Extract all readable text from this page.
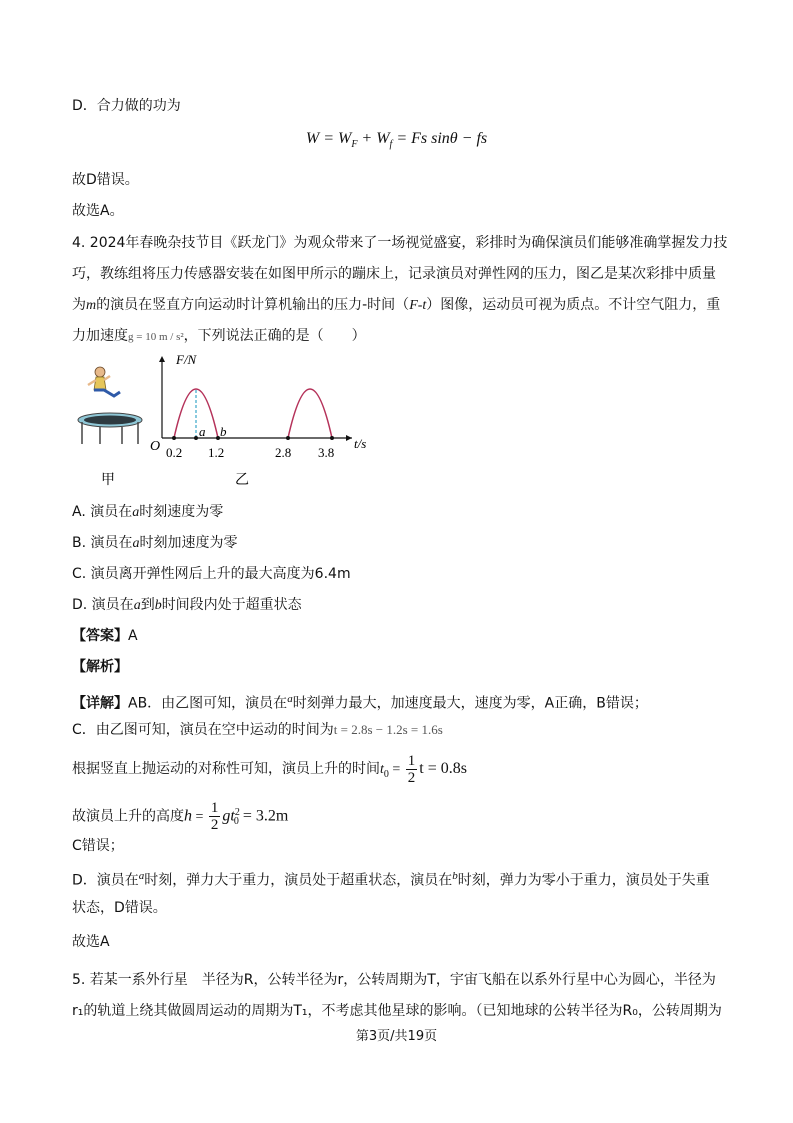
D．合力做的功为
$W = W_F + W_f = Fs$ sinθ − fs
故D错误。
故选A。
4. 2024年春晚杂技节目《跃龙门》为观众带来了一场视觉盛宴，彩排时为确保演员们能够准确掌握发力技
巧，教练组将压力传感器安装在如图甲所示的蹦床上，记录演员对弹性网的压力，图乙是某次彩排中质量
为m的演员在竖直方向运动时计算机输出的压力-时间（F-t）图像，运动员可视为质点。不计空气阻力，重
力加速度g = 10 m / s²，下列说法正确的是（　　）
甲
F/N
t/s
O
a b
0.2 1.2	2.8 3.8
乙
A. 演员在a时刻速度为零
B. 演员在a时刻加速度为零
C. 演员离开弹性网后上升的最大高度为6.4m
D. 演员在a到b时间段内处于超重状态
【答案】A
【解析】
【详解】AB．由乙图可知，演员在$^a$时刻弹力最大，加速度最大，速度为零，A正确，B错误；
C．由乙图可知，演员在空中运动的时间为t = 2.8s − 1.2s = 1.6s
根据竖直上抛运动的对称性可知，演员上升的时间$t_0 = \frac{1}{2}$ t = 0.8s
故演员上升的高度$h = \frac{1}{2} gt^2_0 = 3.2m$
C错误；
D．演员在$^a$时刻，弹力大于重力，演员处于超重状态，演员在$^b$时刻，弹力为零小于重力，演员处于失重
状态，D错误。
故选A
5. 若某一系外行星　半径为R，公转半径为r，公转周期为T，宇宙飞船在以系外行星中心为圆心，半径为
r₁的轨道上绕其做圆周运动的周期为T₁，不考虑其他星球的影响。（已知地球的公转半径为R₀，公转周期为
第3页/共19页
